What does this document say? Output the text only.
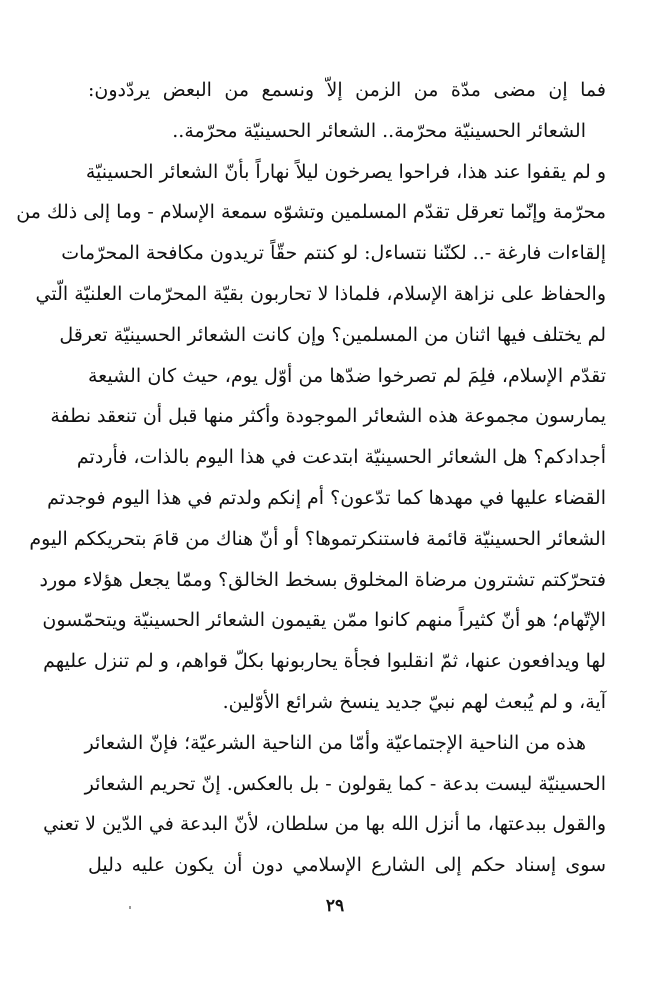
فما إن مضى مدّة من الزمن إلاّ ونسمع من البعض يردّدون:
الشعائر الحسينيّة محرّمة.. الشعائر الحسينيّة محرّمة..
و لم يقفوا عند هذا، فراحوا يصرخون ليلاً نهاراً بأنّ الشعائر الحسينيّة
محرّمة وإنّما تعرقل تقدّم المسلمين وتشوّه سمعة الإسلام - وما إلى ذلك من
إلقاءات فارغة -.. لكنّنا نتساءل: لو كنتم حقّاً تريدون مكافحة المحرّمات
والحفاظ على نزاهة الإسلام، فلماذا لا تحاربون بقيّة المحرّمات العلنيّة الّتي
لم يختلف فيها اثنان من المسلمين؟ وإن كانت الشعائر الحسينيّة تعرقل
تقدّم الإسلام، فلِمَ لم تصرخوا ضدّها من أوّل يوم، حيث كان الشيعة
يمارسون مجموعة هذه الشعائر الموجودة وأكثر منها قبل أن تنعقد نطفة
أجدادكم؟ هل الشعائر الحسينيّة ابتدعت في هذا اليوم بالذات، فأردتم
القضاء عليها في مهدها كما تدّعون؟ أم إنكم ولدتم في هذا اليوم فوجدتم
الشعائر الحسينيّة قائمة فاستنكرتموها؟ أو أنّ هناك من قامَ بتحريككم اليوم
فتحرّكتم تشترون مرضاة المخلوق بسخط الخالق؟ وممّا يجعل هؤلاء مورد
الإتّهام؛ هو أنّ كثيراً منهم كانوا ممّن يقيمون الشعائر الحسينيّة ويتحمّسون
لها ويدافعون عنها، ثمّ انقلبوا فجأة يحاربونها بكلّ قواهم، و لم تنزل عليهم
آية، و لم يُبعث لهم نبيّ جديد ينسخ شرائع الأوّلين.
هذه من الناحية الإجتماعيّة وأمّا من الناحية الشرعيّة؛ فإنّ الشعائر
الحسينيّة ليست بدعة - كما يقولون - بل بالعكس. إنّ تحريم الشعائر
والقول ببدعتها، ما أنزل الله بها من سلطان، لأنّ البدعة في الدّين لا تعني
سوى إسناد حكم إلى الشارع الإسلامي دون أن يكون عليه دليل
٢٩
